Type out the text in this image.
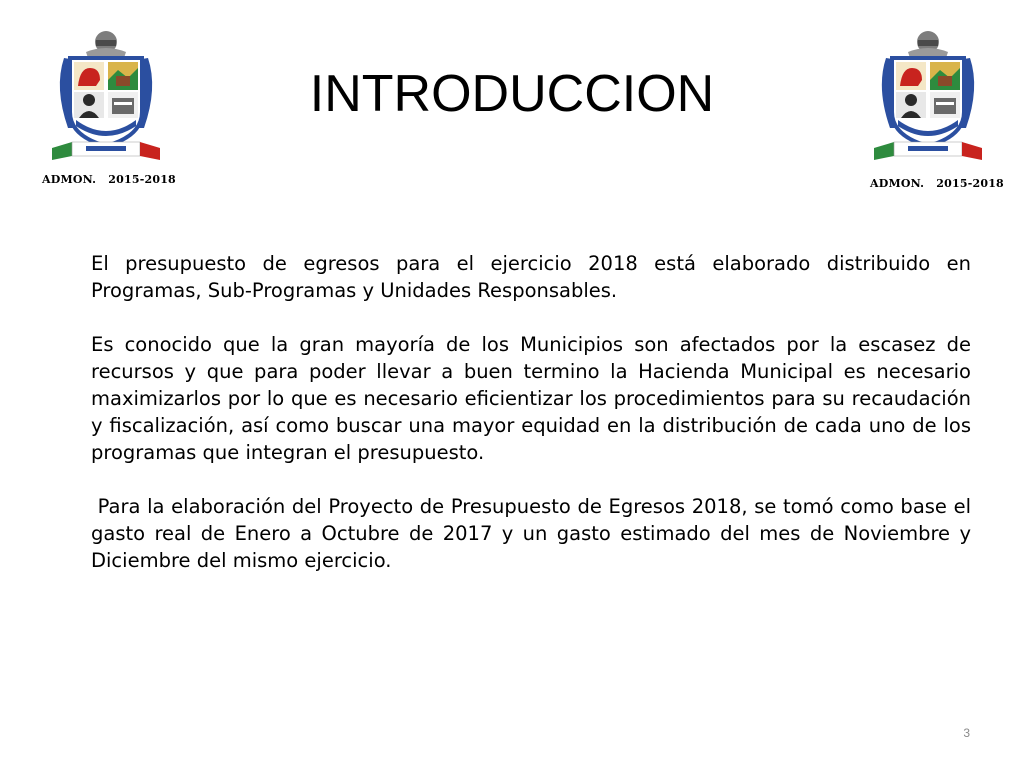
ADMON.   2015-2018
INTRODUCCION
ADMON.   2015-2018

El presupuesto de egresos para el ejercicio 2018 está elaborado distribuido en Programas, Sub-Programas y Unidades Responsables.

Es conocido que la gran mayoría de los Municipios son afectados por la escasez de recursos y que para poder llevar a buen termino la Hacienda Municipal es necesario maximizarlos por lo que es necesario eficientizar los procedimientos para su recaudación y fiscalización, así como buscar una mayor equidad en la distribución de cada uno de los programas que integran el presupuesto.

Para la elaboración del Proyecto de Presupuesto de Egresos 2018, se tomó como base el gasto real de Enero a Octubre de 2017 y un gasto estimado del mes de Noviembre y Diciembre del mismo ejercicio.

3
